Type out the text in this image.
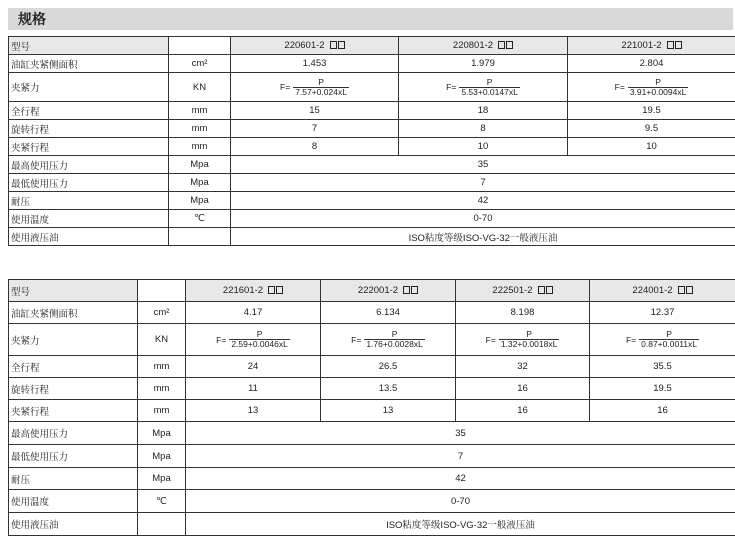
规格
型号		220601-2	220801-2	221001-2
油缸夹紧侧面积	cm²	1.453	1.979	2.804
夹紧力	KN	$F= \frac{P}{7.57+0.024xL}$	$F= \frac{P}{5.53+0.0147xL}$	$F= \frac{P}{3.91+0.0094xL}$

全行程	mm	15	18	19.5
旋转行程	mm	7	8	9.5
夹紧行程	mm	8	10	10
最高使用压力	Mpa	35		
最低使用压力	Mpa	7		
耐压	Mpa	42		
使用温度	℃	0-70		
使用液压油		ISO粘度等级ISO-VG-32一般液压油		
型号		221601-2	222001-2	222501-2	224001-2
油缸夹紧侧面积	cm²	4.17	6.134	8.198	12.37
夹紧力	KN	$F= \frac{P}{2.59+0.0046xL}$	$F= \frac{P}{1.76+0.0028xL}$	$F= \frac{P}{1.32+0.0018xL}$	$F= \frac{P}{0.87+0.0011xL}$

全行程	mm	24	26.5	32	35.5
旋转行程	mm	11	13.5	16	19.5
夹紧行程	mm	13	13	16	16
最高使用压力	Mpa	35			
最低使用压力	Mpa	7			
耐压	Mpa	42			
使用温度	℃	0-70			
使用液压油		ISO粘度等级ISO-VG-32一般液压油			
